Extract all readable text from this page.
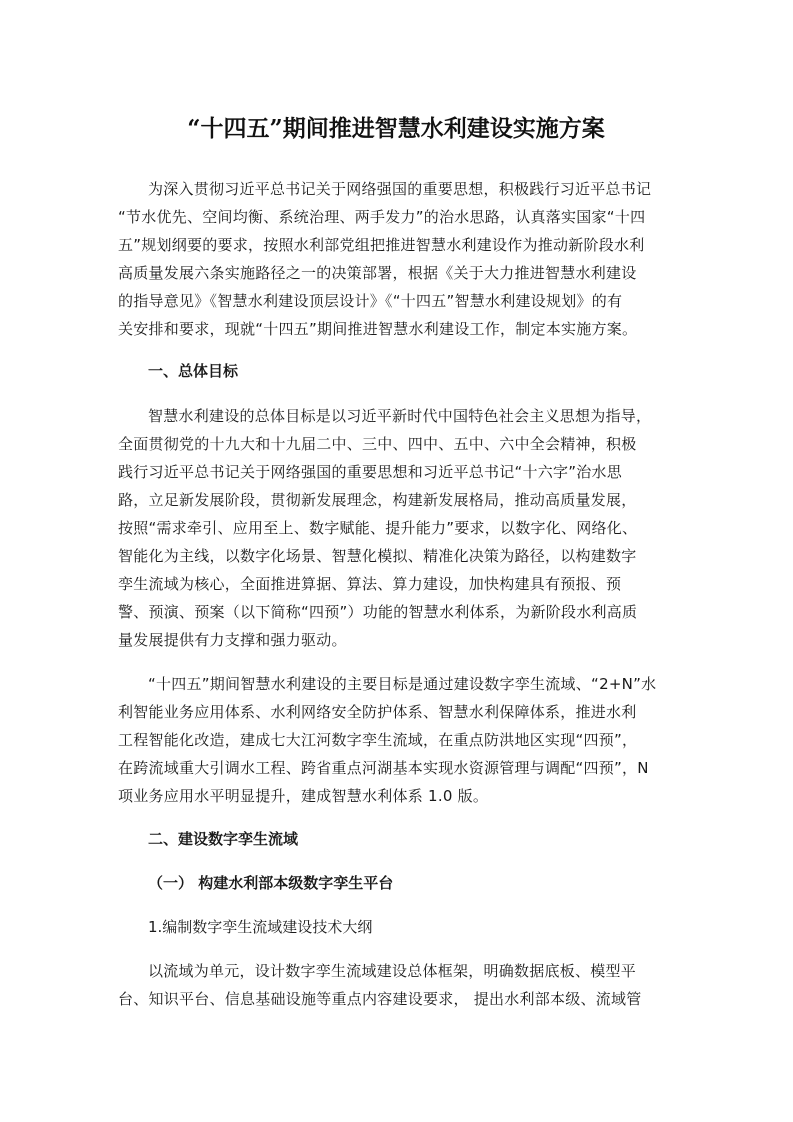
“十四五”期间推进智慧水利建设实施方案
为深入贯彻习近平总书记关于网络强国的重要思想，积极践行习近平总书记
“节水优先、空间均衡、系统治理、两手发力”的治水思路，认真落实国家“十四
五”规划纲要的要求，按照水利部党组把推进智慧水利建设作为推动新阶段水利
高质量发展六条实施路径之一的决策部署，根据《关于大力推进智慧水利建设
的指导意见》《智慧水利建设顶层设计》《“十四五”智慧水利建设规划》的有
关安排和要求，现就“十四五”期间推进智慧水利建设工作，制定本实施方案。
一、总体目标
智慧水利建设的总体目标是以习近平新时代中国特色社会主义思想为指导，
全面贯彻党的十九大和十九届二中、三中、四中、五中、六中全会精神，积极
践行习近平总书记关于网络强国的重要思想和习近平总书记“十六字”治水思
路，立足新发展阶段，贯彻新发展理念，构建新发展格局，推动高质量发展，
按照“需求牵引、应用至上、数字赋能、提升能力”要求，以数字化、网络化、
智能化为主线，以数字化场景、智慧化模拟、精准化决策为路径，以构建数字
孪生流域为核心，全面推进算据、算法、算力建设，加快构建具有预报、预
警、预演、预案（以下简称“四预”）功能的智慧水利体系，为新阶段水利高质
量发展提供有力支撑和强力驱动。
“十四五”期间智慧水利建设的主要目标是通过建设数字孪生流域、“2+N”水
利智能业务应用体系、水利网络安全防护体系、智慧水利保障体系，推进水利
工程智能化改造，建成七大江河数字孪生流域，在重点防洪地区实现“四预”，
在跨流域重大引调水工程、跨省重点河湖基本实现水资源管理与调配“四预”，N
项业务应用水平明显提升，建成智慧水利体系 1.0 版。
二、建设数字孪生流域
（一） 构建水利部本级数字孪生平台
1.编制数字孪生流域建设技术大纲
以流域为单元，设计数字孪生流域建设总体框架，明确数据底板、模型平
台、知识平台、信息基础设施等重点内容建设要求， 提出水利部本级、流域管
